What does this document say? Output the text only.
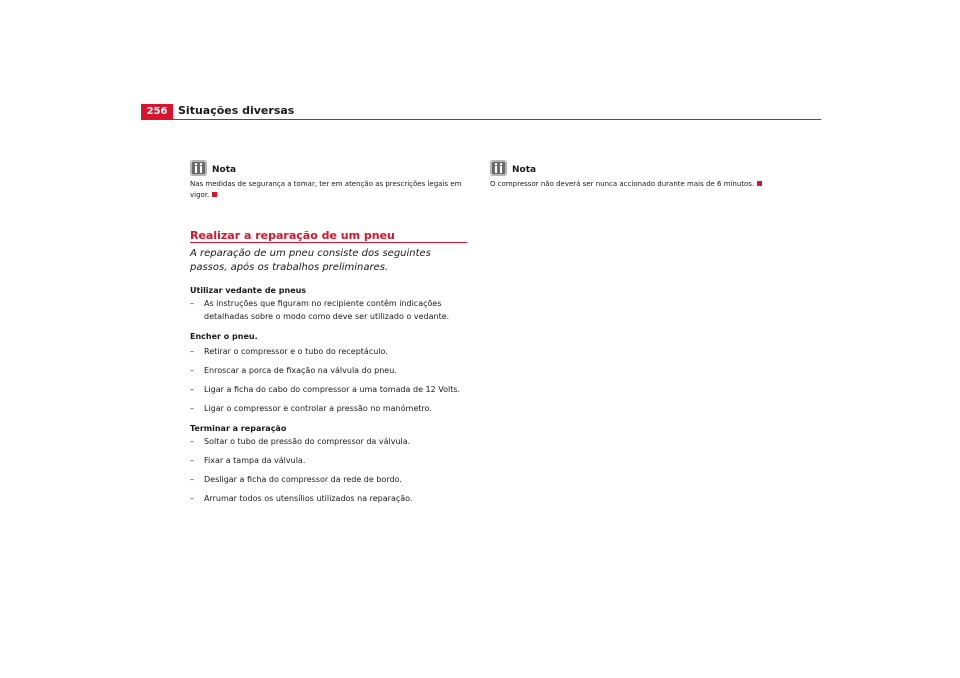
256 Situações diversas
Nota
Nas medidas de segurança a tomar, ter em atenção as prescrições legais em vigor.
Nota
O compressor não deverá ser nunca accionado durante mais de 6 minutos.
Realizar a reparação de um pneu
A reparação de um pneu consiste dos seguintes passos, após os trabalhos preliminares.

Utilizar vedante de pneus

– As instruções que figuram no recipiente contêm indicações detalhadas sobre o modo como deve ser utilizado o vedante.

Encher o pneu.

– Retirar o compressor e o tubo do receptáculo.

– Enroscar a porca de fixação na válvula do pneu.

– Ligar a ficha do cabo do compressor a uma tomada de 12 Volts.

– Ligar o compressor e controlar a pressão no manómetro.

Terminar a reparação

– Soltar o tubo de pressão do compressor da válvula.

– Fixar a tampa da válvula.

– Desligar a ficha do compressor da rede de bordo.

– Arrumar todos os utensílios utilizados na reparação.
